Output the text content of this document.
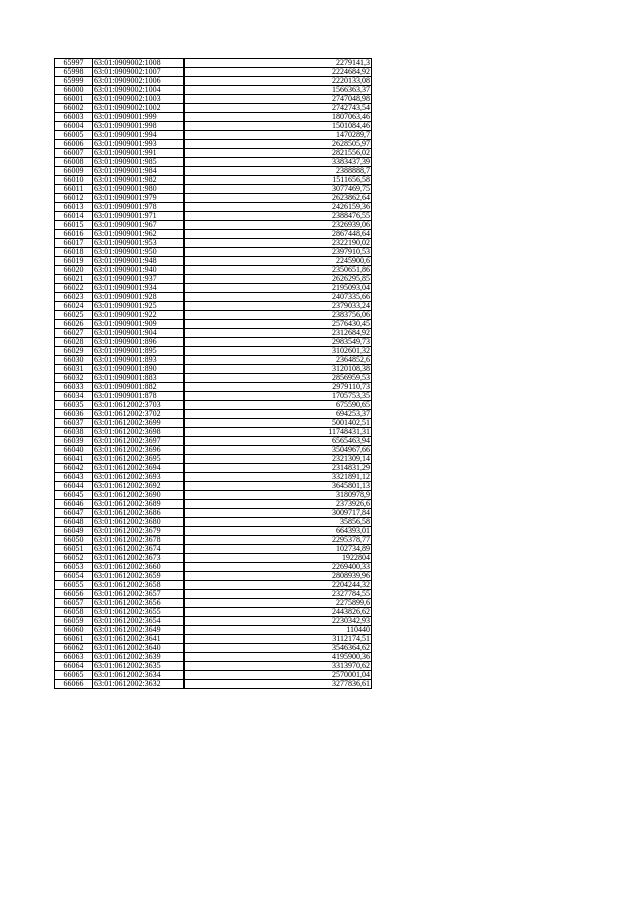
65997	63:01:0909002:1008	2279141,3
65998	63:01:0909002:1007	2224684,92
65999	63:01:0909002:1006	2220133,08
66000	63:01:0909002:1004	1566363,37
66001	63:01:0909002:1003	2747048,98
66002	63:01:0909002:1002	2742743,54
66003	63:01:0909001:999	1807063,46
66004	63:01:0909001:998	1501084,46
66005	63:01:0909001:994	1470289,7
66006	63:01:0909001:993	2628505,97
66007	63:01:0909001:991	2821556,02
66008	63:01:0909001:985	3383437,39
66009	63:01:0909001:984	2388888,7
66010	63:01:0909001:982	1511656,58
66011	63:01:0909001:980	3077469,75
66012	63:01:0909001:979	2623862,64
66013	63:01:0909001:978	2426159,36
66014	63:01:0909001:971	2388476,55
66015	63:01:0909001:967	2326939,06
66016	63:01:0909001:962	2867448,64
66017	63:01:0909001:953	2322190,02
66018	63:01:0909001:950	2397910,53
66019	63:01:0909001:948	2245900,6
66020	63:01:0909001:940	2350651,86
66021	63:01:0909001:937	2626295,85
66022	63:01:0909001:934	2195093,04
66023	63:01:0909001:928	2407335,66
66024	63:01:0909001:925	2379033,24
66025	63:01:0909001:922	2383756,06
66026	63:01:0909001:909	2576430,45
66027	63:01:0909001:904	2312684,92
66028	63:01:0909001:896	2983549,73
66029	63:01:0909001:895	3102601,32
66030	63:01:0909001:893	2364852,6
66031	63:01:0909001:890	3120108,38
66032	63:01:0909001:883	2856959,53
66033	63:01:0909001:882	2979110,73
66034	63:01:0909001:878	1705753,35
66035	63:01:0612002:3703	675590,65
66036	63:01:0612002:3702	694253,37
66037	63:01:0612002:3699	5001402,51
66038	63:01:0612002:3698	11748431,31
66039	63:01:0612002:3697	6565463,94
66040	63:01:0612002:3696	3504967,66
66041	63:01:0612002:3695	2321309,14
66042	63:01:0612002:3694	2314831,29
66043	63:01:0612002:3693	3321891,12
66044	63:01:0612002:3692	3645801,13
66045	63:01:0612002:3690	3180978,9
66046	63:01:0612002:3689	2373926,6
66047	63:01:0612002:3686	3009717,84
66048	63:01:0612002:3680	35856,58
66049	63:01:0612002:3679	664393,01
66050	63:01:0612002:3678	2295378,77
66051	63:01:0612002:3674	102734,89
66052	63:01:0612002:3673	1922804
66053	63:01:0612002:3660	2269400,33
66054	63:01:0612002:3659	2808939,96
66055	63:01:0612002:3658	2204244,32
66056	63:01:0612002:3657	2327784,55
66057	63:01:0612002:3656	2275899,6
66058	63:01:0612002:3655	2443826,62
66059	63:01:0612002:3654	2230342,93
66060	63:01:0612002:3649	110440
66061	63:01:0612002:3641	3112174,51
66062	63:01:0612002:3640	3546364,62
66063	63:01:0612002:3639	4195900,36
66064	63:01:0612002:3635	3313970,62
66065	63:01:0612002:3634	2570001,04
66066	63:01:0612002:3632	3277836,61
